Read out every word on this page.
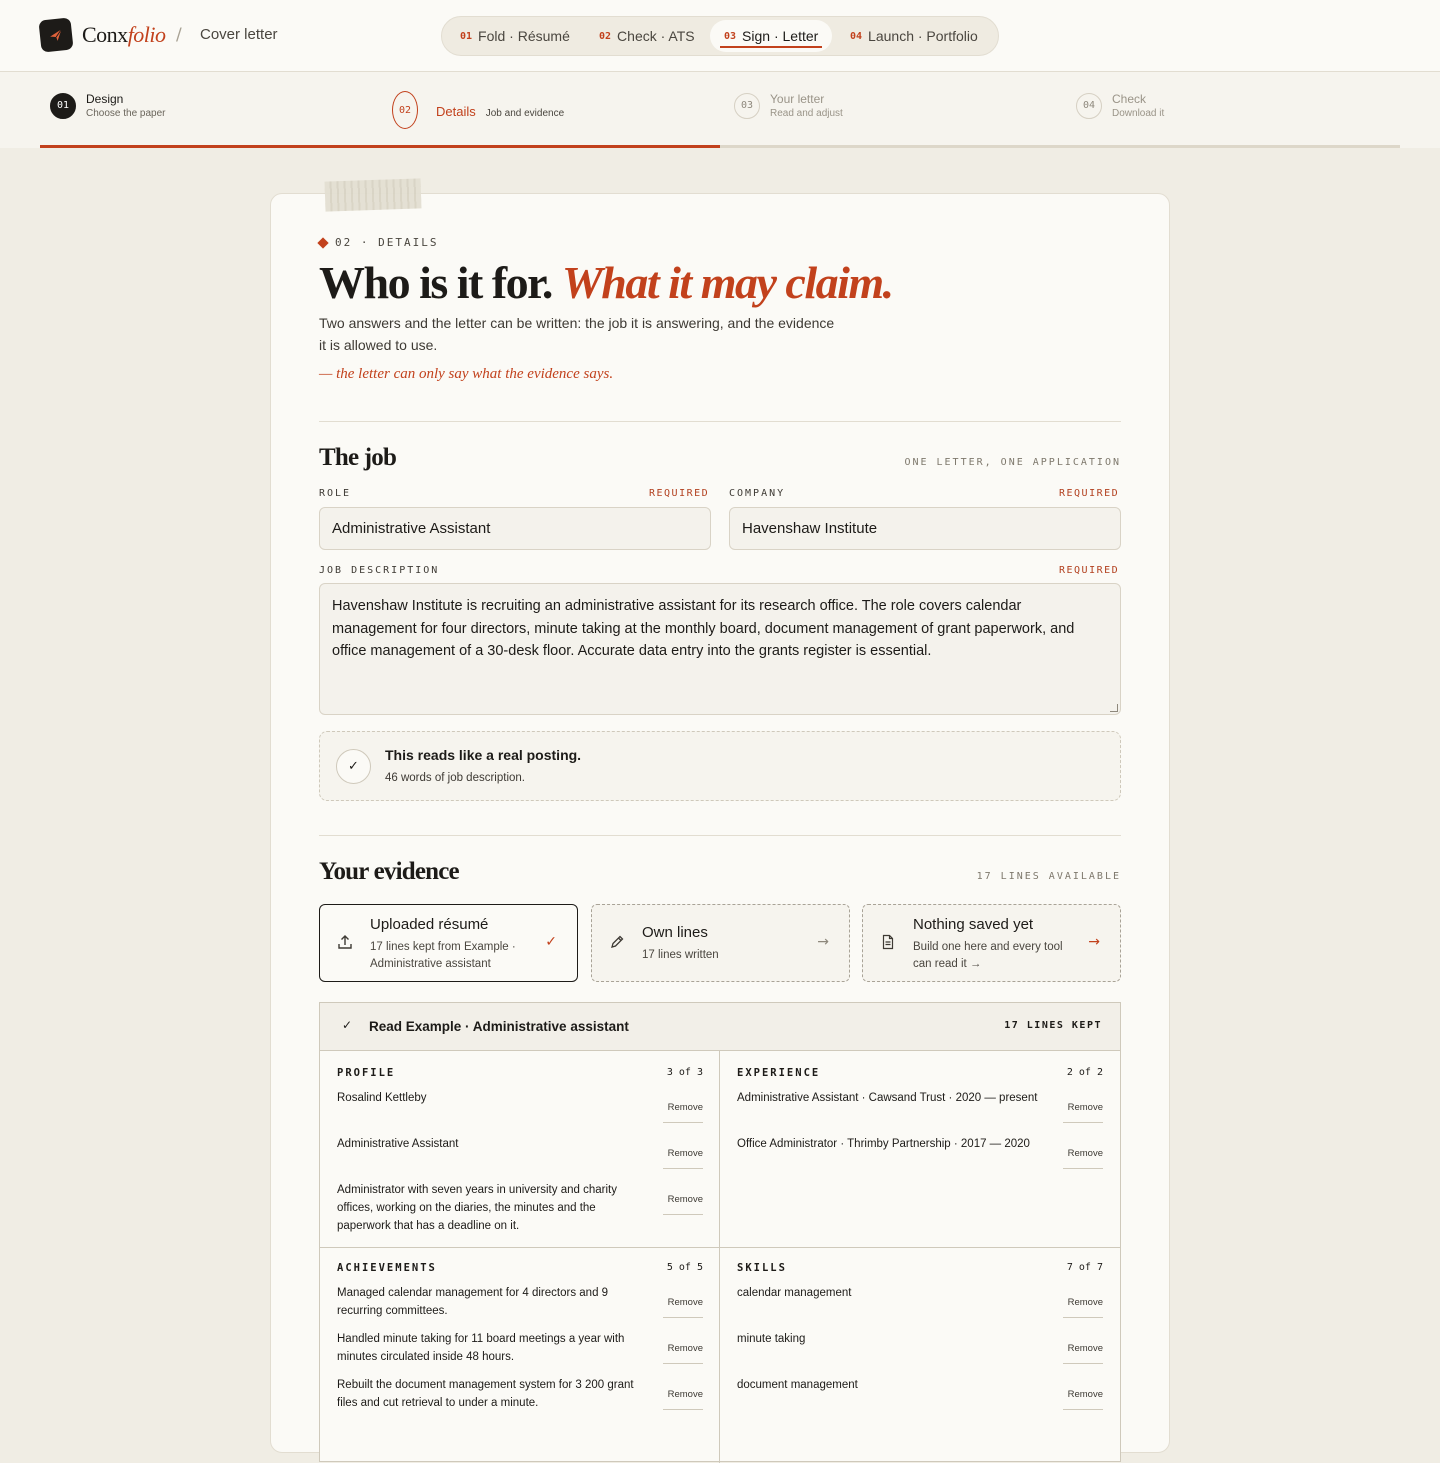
Conxfolio / Cover letter	01 Fold · Résumé	02 Check · ATS	03 Sign · Letter	04 Launch · Portfolio
01	Design
Choose the paper	02	Details Job and evidence
03	Your letter
Read and adjust
04	Check
Download it
02 · DETAILS
Who is it for. What it may claim.

Two answers and the letter can be written: the job it is answering, and the evidence it is allowed to use.

— the letter can only say what the evidence says.

The job	ONE LETTER, ONE APPLICATION
ROLE	REQUIRED
Administrative Assistant
COMPANY	REQUIRED
Havenshaw Institute
JOB DESCRIPTION	REQUIRED
Havenshaw Institute is recruiting an administrative assistant for its research office. The role covers calendar management for four directors, minute taking at the monthly board, document management of grant paperwork, and office management of a 30-desk floor. Accurate data entry into the grants register is essential.
✓
This reads like a real posting.
46 words of job description.
Your evidence	17 LINES AVAILABLE
Uploaded résumé
17 lines kept from Example · Administrative assistant
✓
Own lines
17 lines written
→
Nothing saved yet
Build one here and every tool can read it →
→
✓ Read Example · Administrative assistant	17 LINES KEPT
PROFILE	3 of 3
Rosalind Kettleby
Remove
Administrative Assistant
Remove
Administrator with seven years in university and charity offices, working on the diaries, the minutes and the paperwork that has a deadline on it.
Remove
EXPERIENCE	2 of 2
Administrative Assistant · Cawsand Trust · 2020 — present
Remove
Office Administrator · Thrimby Partnership · 2017 — 2020
Remove
ACHIEVEMENTS	5 of 5
Managed calendar management for 4 directors and 9 recurring committees.
Remove
Handled minute taking for 11 board meetings a year with minutes circulated inside 48 hours.
Remove
Rebuilt the document management system for 3 200 grant files and cut retrieval to under a minute.
Remove
SKILLS	7 of 7
calendar management
Remove
minute taking
Remove
document management
Remove
